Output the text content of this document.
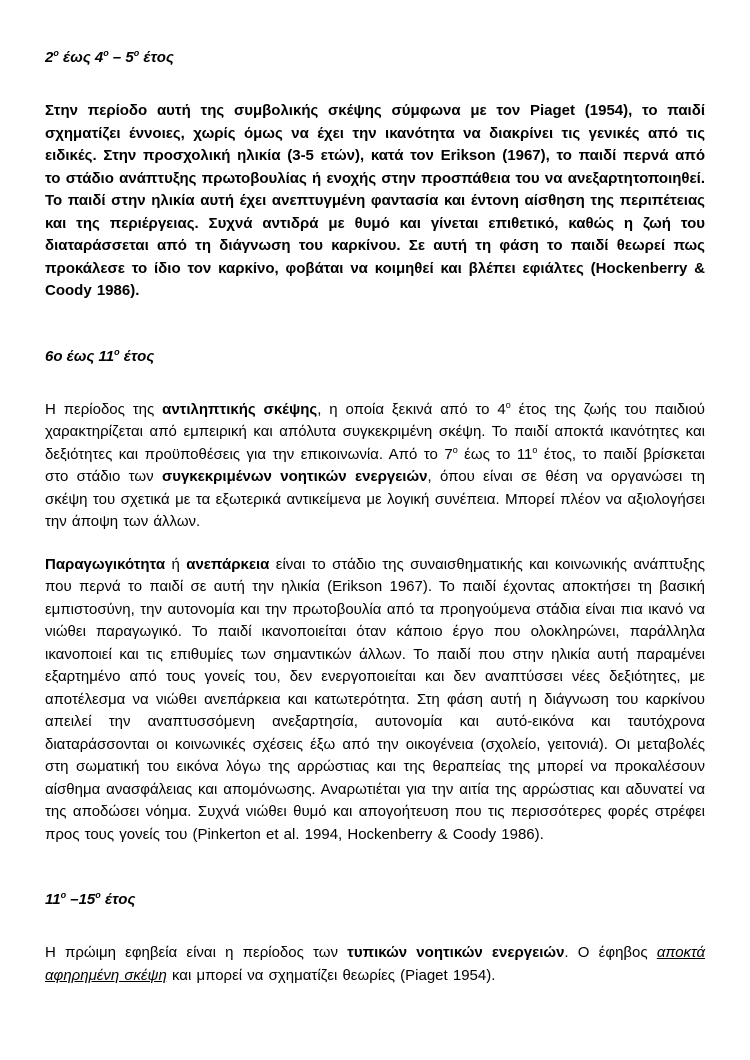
$2^o$ έως $4^o - 5^o$ έτος

Στην περίοδο αυτή της συμβολικής σκέψης σύμφωνα με τον Piaget (1954), το παιδί σχηματίζει έννοιες, χωρίς όμως να έχει την ικανότητα να διακρίνει τις γενικές από τις ειδικές. Στην προσχολική ηλικία (3-5 ετών), κατά τον Erikson (1967), το παιδί περνά από το στάδιο ανάπτυξης πρωτοβουλίας ή ενοχής στην προσπάθεια του να ανεξαρτητοποιηθεί. Το παιδί στην ηλικία αυτή έχει ανεπτυγμένη φαντασία και έντονη αίσθηση της περιπέτειας και της περιέργειας. Συχνά αντιδρά με θυμό και γίνεται επιθετικό, καθώς η ζωή του διαταράσσεται από τη διάγνωση του καρκίνου. Σε αυτή τη φάση το παιδί θεωρεί πως προκάλεσε το ίδιο τον καρκίνο, φοβάται να κοιμηθεί και βλέπει εφιάλτες (Hockenberry & Coody 1986).

6ο έως $11^o$ έτος

Η περίοδος της αντιληπτικής σκέψης, η οποία ξεκινά από το $4^o$ έτος της ζωής του παιδιού χαρακτηρίζεται από εμπειρική και απόλυτα συγκεκριμένη σκέψη. Το παιδί αποκτά ικανότητες και δεξιότητες και προϋποθέσεις για την επικοινωνία. Από το $7^o$ έως το $11^o$ έτος, το παιδί βρίσκεται στο στάδιο των συγκεκριμένων νοητικών ενεργειών, όπου είναι σε θέση να οργανώσει τη σκέψη του σχετικά με τα εξωτερικά αντικείμενα με λογική συνέπεια. Μπορεί πλέον να αξιολογήσει την άποψη των άλλων.

Παραγωγικότητα ή ανεπάρκεια είναι το στάδιο της συναισθηματικής και κοινωνικής ανάπτυξης που περνά το παιδί σε αυτή την ηλικία (Erikson 1967). Το παιδί έχοντας αποκτήσει τη βασική εμπιστοσύνη, την αυτονομία και την πρωτοβουλία από τα προηγούμενα στάδια είναι πια ικανό να νιώθει παραγωγικό. Το παιδί ικανοποιείται όταν κάποιο έργο που ολοκληρώνει, παράλληλα ικανοποιεί και τις επιθυμίες των σημαντικών άλλων. Το παιδί που στην ηλικία αυτή παραμένει εξαρτημένο από τους γονείς του, δεν ενεργοποιείται και δεν αναπτύσσει νέες δεξιότητες, με αποτέλεσμα να νιώθει ανεπάρκεια και κατωτερότητα. Στη φάση αυτή η διάγνωση του καρκίνου απειλεί την αναπτυσσόμενη ανεξαρτησία, αυτονομία και αυτό-εικόνα και ταυτόχρονα διαταράσσονται οι κοινωνικές σχέσεις έξω από την οικογένεια (σχολείο, γειτονιά). Οι μεταβολές στη σωματική του εικόνα λόγω της αρρώστιας και της θεραπείας της μπορεί να προκαλέσουν αίσθημα ανασφάλειας και απομόνωσης. Αναρωτιέται για την αιτία της αρρώστιας και αδυνατεί να της αποδώσει νόημα. Συχνά νιώθει θυμό και απογοήτευση που τις περισσότερες φορές στρέφει προς τους γονείς του (Pinkerton et al. 1994, Hockenberry & Coody 1986).

$11^o$ $-15^o$ έτος

Η πρώιμη εφηβεία είναι η περίοδος των τυπικών νοητικών ενεργειών. Ο έφηβος αποκτά αφηρημένη σκέψη και μπορεί να σχηματίζει θεωρίες (Piaget 1954).
